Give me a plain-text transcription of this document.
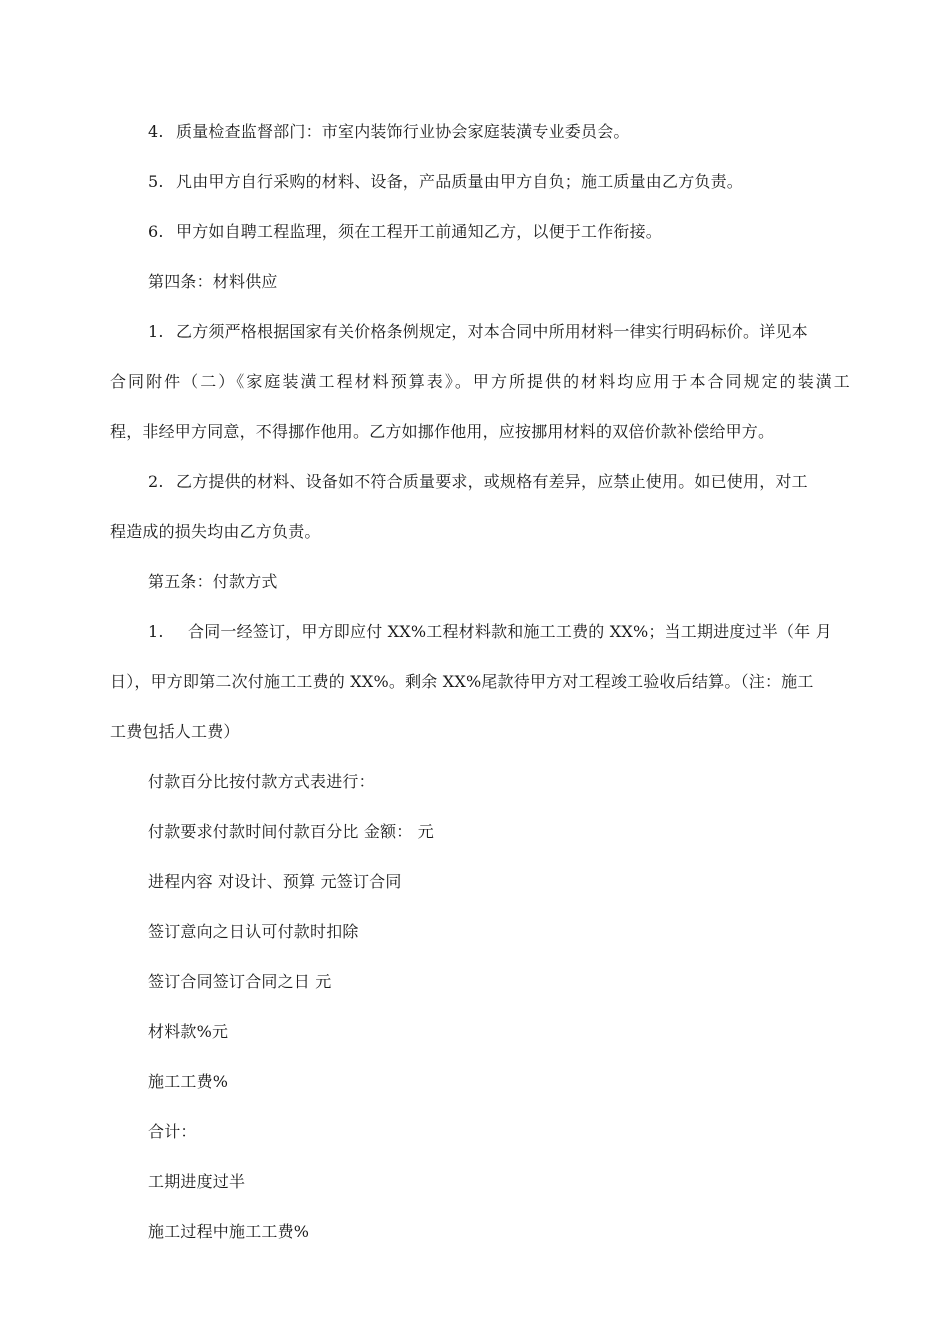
4. 质量检查监督部门：市室内装饰行业协会家庭装潢专业委员会。
5. 凡由甲方自行采购的材料、设备，产品质量由甲方自负；施工质量由乙方负责。
6. 甲方如自聘工程监理，须在工程开工前通知乙方，以便于工作衔接。
第四条：材料供应
1. 乙方须严格根据国家有关价格条例规定，对本合同中所用材料一律实行明码标价。详见本
合同附件（二）《家庭装潢工程材料预算表》。甲方所提供的材料均应用于本合同规定的装潢工
程，非经甲方同意，不得挪作他用。乙方如挪作他用，应按挪用材料的双倍价款补偿给甲方。
2. 乙方提供的材料、设备如不符合质量要求，或规格有差异，应禁止使用。如已使用，对工
程造成的损失均由乙方负责。
第五条：付款方式
1. 合同一经签订，甲方即应付 XX%工程材料款和施工工费的 XX%；当工期进度过半（年 月
日），甲方即第二次付施工工费的 XX%。剩余 XX%尾款待甲方对工程竣工验收后结算。（注：施工
工费包括人工费）
付款百分比按付款方式表进行：
付款要求付款时间付款百分比 金额： 元
进程内容 对设计、预算 元签订合同
签订意向之日认可付款时扣除
签订合同签订合同之日 元
材料款%元
施工工费%
合计：
工期进度过半
施工过程中施工工费%
